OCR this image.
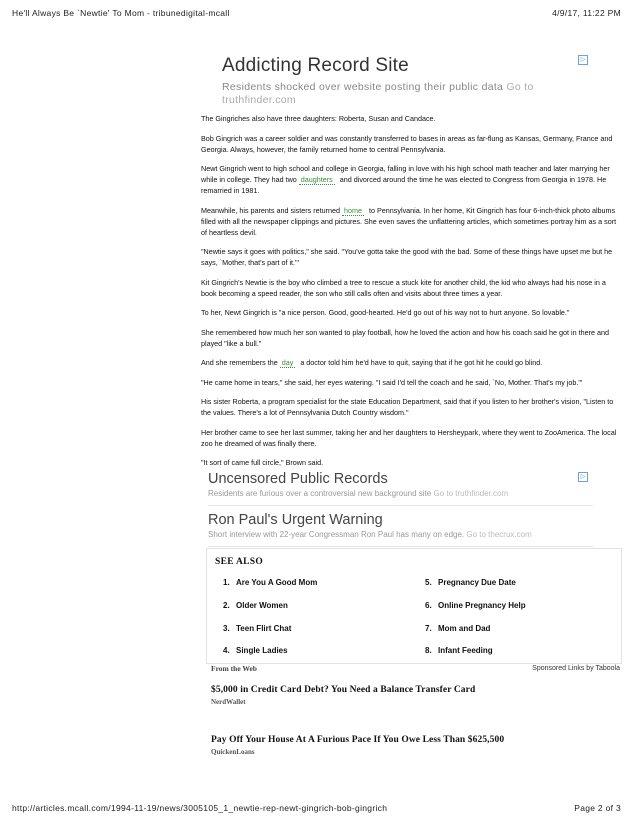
He'll Always Be `Newtie' To Mom - tribunedigital-mcall	4/9/17, 11:22 PM
Addicting Record Site
Residents shocked over website posting their public data Go to truthfinder.com
▷

The Gingriches also have three daughters: Roberta, Susan and Candace.

Bob Gingrich was a career soldier and was constantly transferred to bases in areas as far-flung as Kansas, Germany, France and Georgia. Always, however, the family returned home to central Pennsylvania.

Newt Gingrich went to high school and college in Georgia, falling in love with his high school math teacher and later marrying her while in college. They had two daughters and divorced around the time he was elected to Congress from Georgia in 1978. He remarried in 1981.

Meanwhile, his parents and sisters returned home to Pennsylvania. In her home, Kit Gingrich has four 6-inch-thick photo albums filled with all the newspaper clippings and pictures. She even saves the unflattering articles, which sometimes portray him as a sort of heartless devil.

"Newtie says it goes with politics," she said. "You've gotta take the good with the bad. Some of these things have upset me but he says, `Mother, that's part of it.'"

Kit Gingrich's Newtie is the boy who climbed a tree to rescue a stuck kite for another child, the kid who always had his nose in a book becoming a speed reader, the son who still calls often and visits about three times a year.

To her, Newt Gingrich is "a nice person. Good, good-hearted. He'd go out of his way not to hurt anyone. So lovable."

She remembered how much her son wanted to play football, how he loved the action and how his coach said he got in there and played "like a bull."

And she remembers the day a doctor told him he'd have to quit, saying that if he got hit he could go blind.

"He came home in tears," she said, her eyes watering. "I said I'd tell the coach and he said, `No, Mother. That's my job.'"

His sister Roberta, a program specialist for the state Education Department, said that if you listen to her brother's vision, "Listen to the values. There's a lot of Pennsylvania Dutch Country wisdom."

Her brother came to see her last summer, taking her and her daughters to Hersheypark, where they went to ZooAmerica. The local zoo he dreamed of was finally there.

"It sort of came full circle," Brown said.

▷
Uncensored Public Records
Residents are furious over a controversial new background site Go to truthfinder.com
Ron Paul's Urgent Warning
Short interview with 22-year Congressman Ron Paul has many on edge. Go to thecrux.com
SEE ALSO
1. Are You A Good Mom
2. Older Women
3. Teen Flirt Chat
4. Single Ladies
5. Pregnancy Due Date
6. Online Pregnancy Help
7. Mom and Dad
8. Infant Feeding
From the Web	Sponsored Links by Taboola
$5,000 in Credit Card Debt? You Need a Balance Transfer Card
NerdWallet
Pay Off Your House At A Furious Pace If You Owe Less Than $625,500
QuickenLoans
http://articles.mcall.com/1994-11-19/news/3005105_1_newtie-rep-newt-gingrich-bob-gingrich	Page 2 of 3
